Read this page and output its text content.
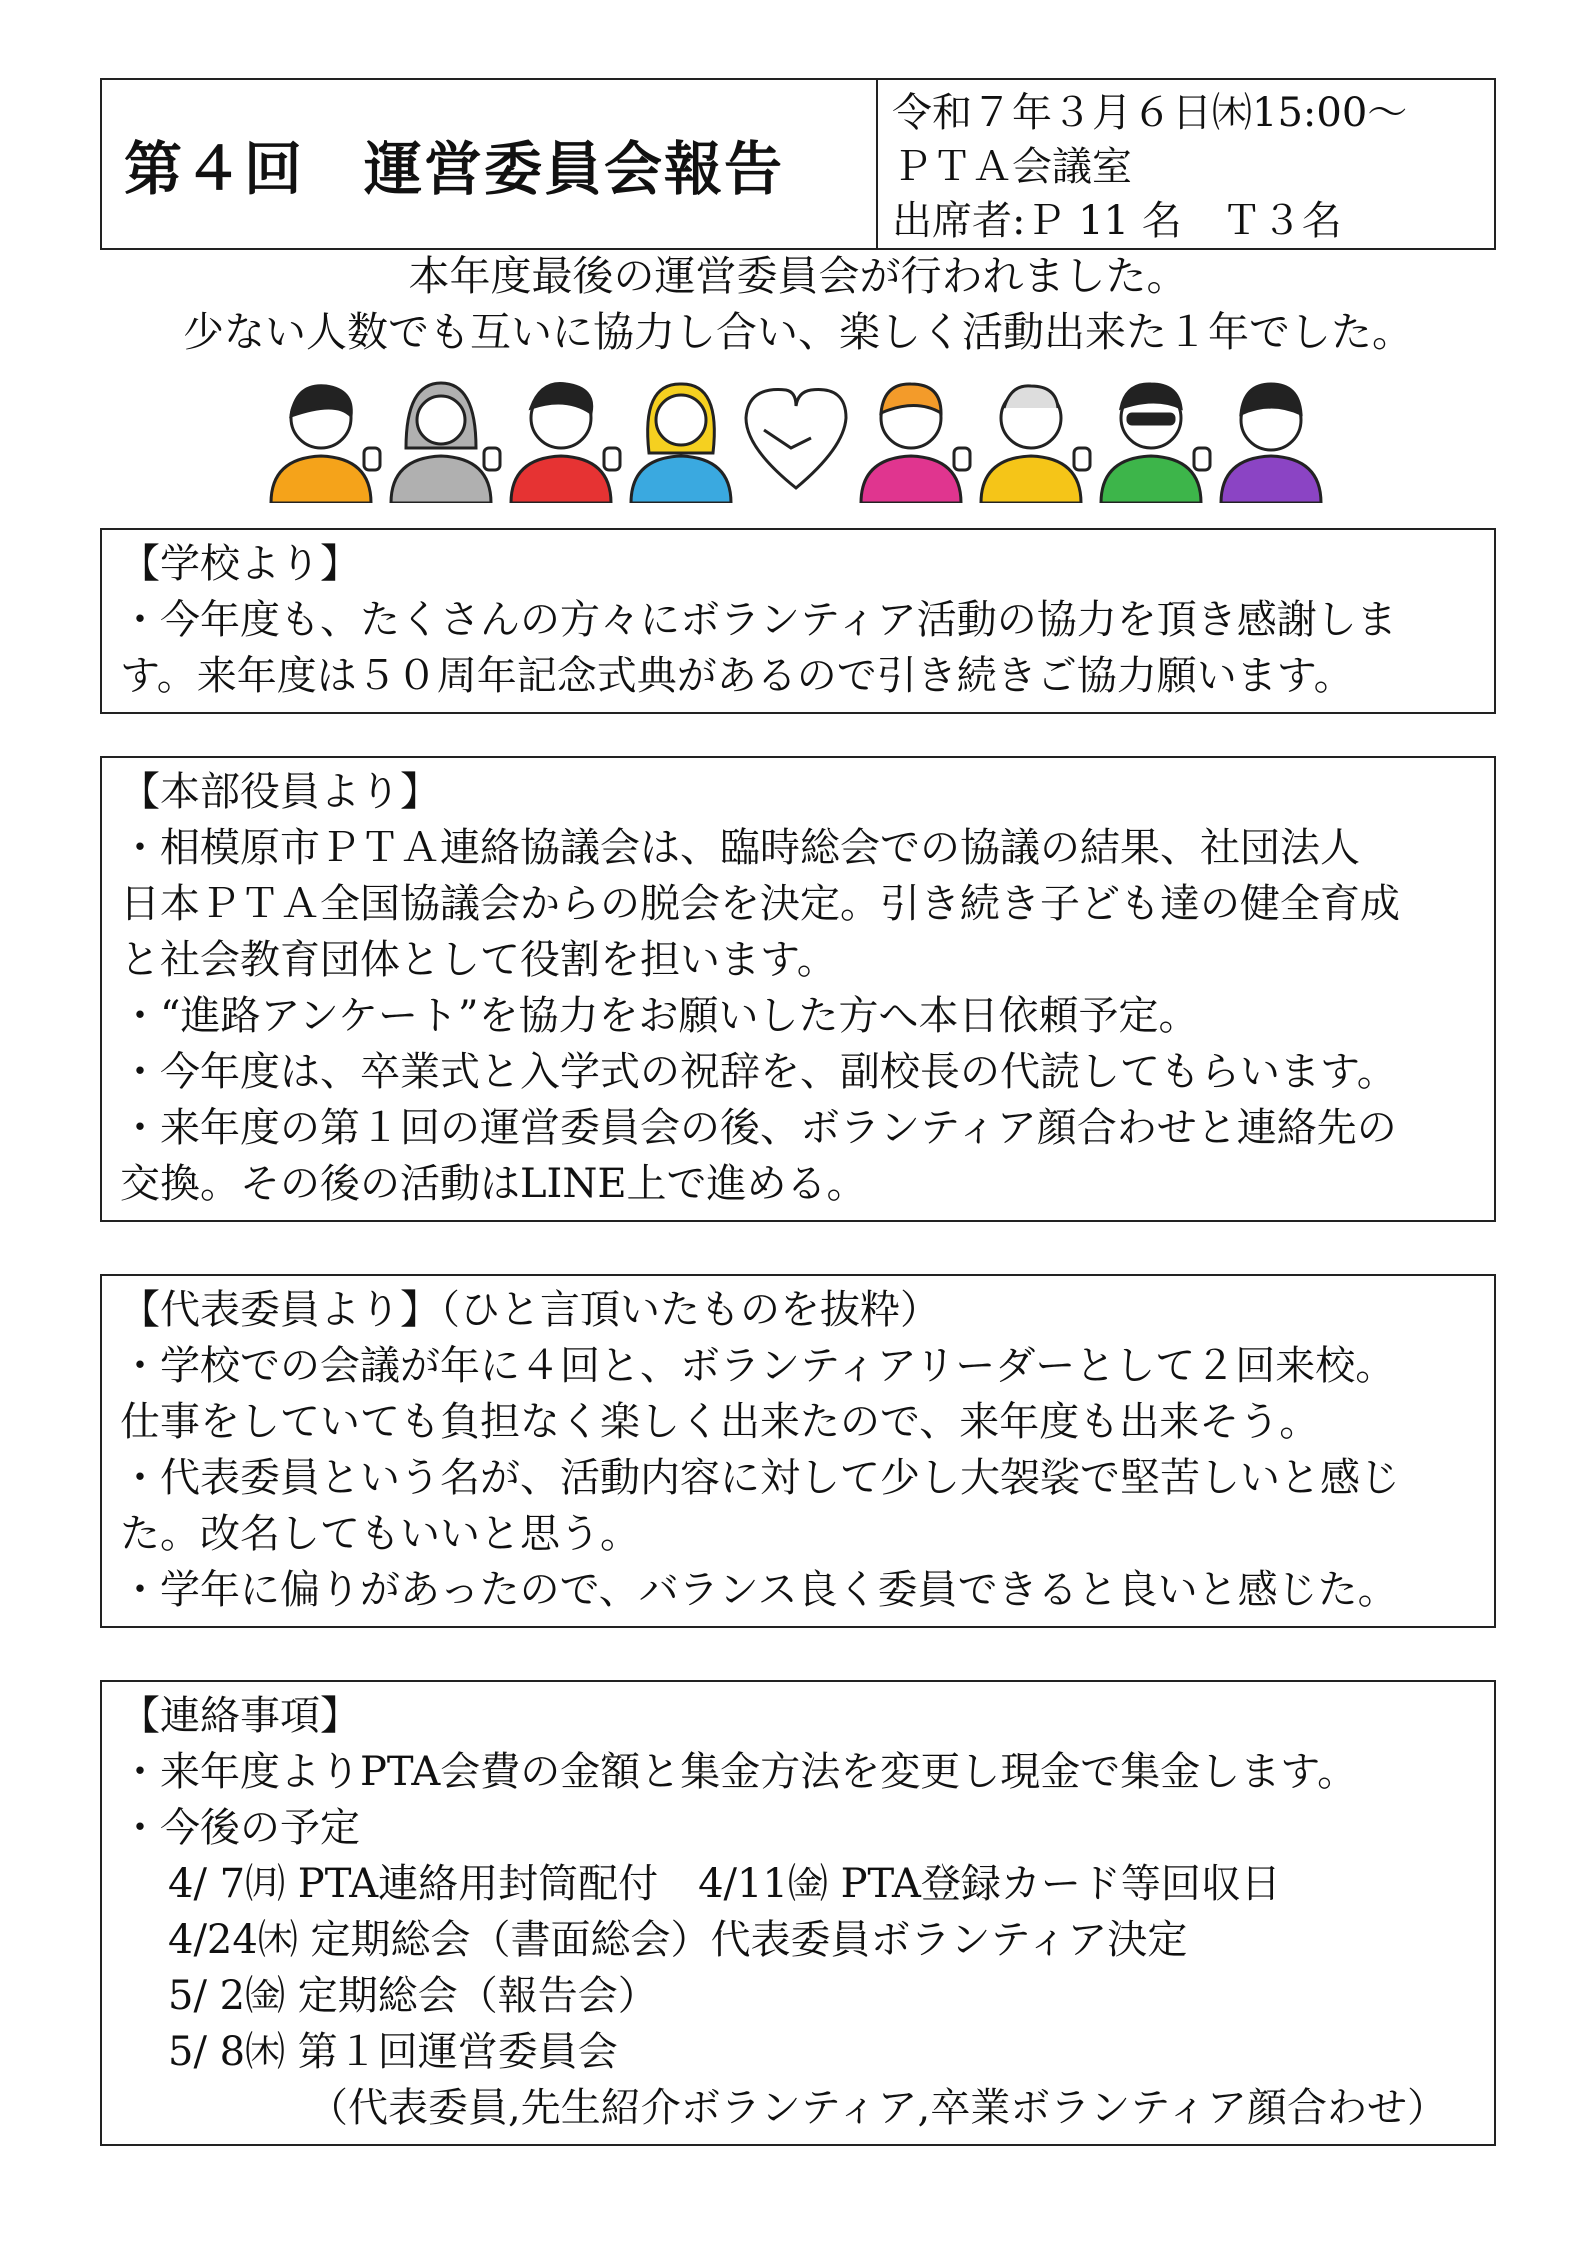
第４回　運営委員会報告
令和７年３月６日㈭15:00～
ＰＴＡ会議室
出席者:Ｐ 11 名　Ｔ３名
本年度最後の運営委員会が行われました。
少ない人数でも互いに協力し合い、楽しく活動出来た１年でした。

【学校より】

・今年度も、たくさんの方々にボランティア活動の協力を頂き感謝しま

す。来年度は５０周年記念式典があるので引き続きご協力願います。

【本部役員より】

・相模原市ＰＴＡ連絡協議会は、臨時総会での協議の結果、社団法人

日本ＰＴＡ全国協議会からの脱会を決定。引き続き子ども達の健全育成

と社会教育団体として役割を担います。

・“進路アンケート”を協力をお願いした方へ本日依頼予定。

・今年度は、卒業式と入学式の祝辞を、副校長の代読してもらいます。

・来年度の第１回の運営委員会の後、ボランティア顔合わせと連絡先の

交換。その後の活動はLINE上で進める。

【代表委員より】（ひと言頂いたものを抜粋）

・学校での会議が年に４回と、ボランティアリーダーとして２回来校。

仕事をしていても負担なく楽しく出来たので、来年度も出来そう。

・代表委員という名が、活動内容に対して少し大袈裟で堅苦しいと感じ

た。改名してもいいと思う。

・学年に偏りがあったので、バランス良く委員できると良いと感じた。

【連絡事項】

・来年度よりPTA会費の金額と集金方法を変更し現金で集金します。

・今後の予定

4/ 7㈪ PTA連絡用封筒配付　4/11㈮ PTA登録カード等回収日

4/24㈭ 定期総会（書面総会）代表委員ボランティア決定

5/ 2㈮ 定期総会（報告会）

5/ 8㈭ 第１回運営委員会

（代表委員,先生紹介ボランティア,卒業ボランティア顔合わせ）
